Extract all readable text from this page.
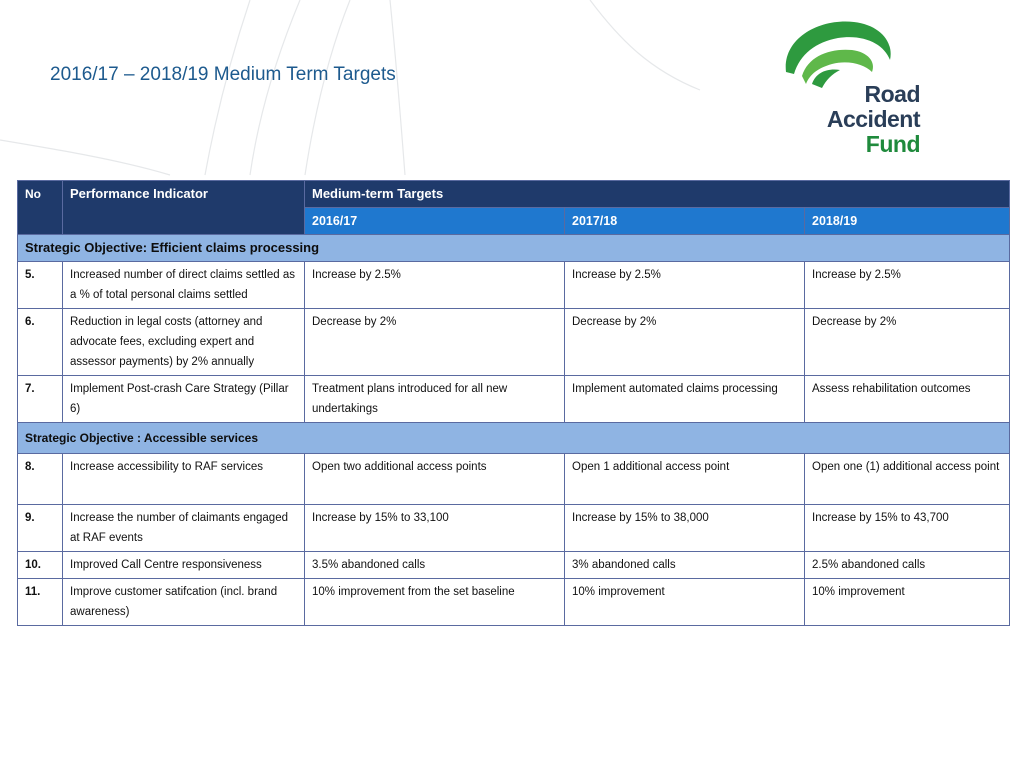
2016/17 – 2018/19 Medium Term Targets
Road
Accident
Fund
No	Performance Indicator	Medium-term Targets		
		2016/17	2017/18	2018/19
Strategic Objective: Efficient claims processing				
5.	Increased number of direct claims settled as a % of total personal claims settled	Increase by 2.5%	Increase by 2.5%	Increase by 2.5%
6.	Reduction in legal costs (attorney and advocate fees, excluding expert and assessor payments) by 2% annually	Decrease by 2%	Decrease by 2%	Decrease by 2%
7.	Implement Post-crash Care Strategy (Pillar 6)	Treatment plans introduced for all new undertakings	Implement automated claims processing	Assess rehabilitation outcomes
Strategic Objective : Accessible services				
8.	Increase accessibility to RAF services	Open two additional access points	Open 1 additional access point	Open one (1) additional access point
9.	Increase the number of claimants engaged at RAF events	Increase by 15% to 33,100	Increase by 15% to 38,000	Increase by 15% to 43,700
10.	Improved Call Centre responsiveness	3.5% abandoned calls	3% abandoned calls	2.5% abandoned calls
11.	Improve customer satifcation (incl. brand awareness)	10% improvement from the set baseline	10% improvement	10% improvement
